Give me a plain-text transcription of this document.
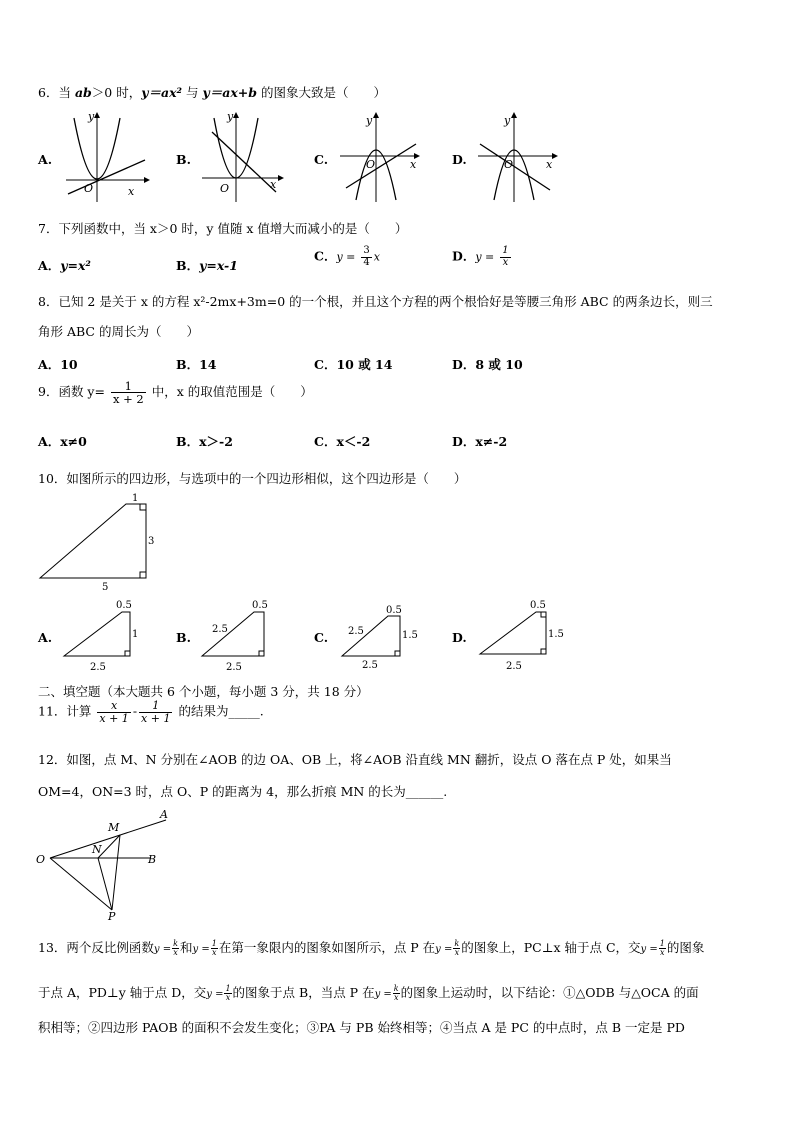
6．当 ab＞0 时，y＝ax² 与 y＝ax+b 的图象大致是（　　）
A.	B.	C.	D.
y
x
O
y
x
O
y
x
O
y
x
O
7．下列函数中，当 x＞0 时，y 值随 x 值增大而减小的是（　　）
A．y=x²	B．y=x-1
C．$y = \frac{3}{4}$ x	D．$y = \frac{1}{x}$
8．已知 2 是关于 x 的方程 x²-2mx+3m=0 的一个根，并且这个方程的两个根恰好是等腰三角形 ABC 的两条边长，则三
角形 ABC 的周长为（　　）
A．10	B．14	C．10 或 14	D．8 或 10
9．函数 $y= \frac{1}{x + 2}$ 中，x 的取值范围是（　　）
A．x≠0	B．x＞-2	C．x＜-2	D．x≠-2
10．如图所示的四边形，与选项中的一个四边形相似，这个四边形是（　　）
1
3
5
A.
0.5
1
2.5
B.
0.5
2.5
2.5
C.
0.5
1.5
2.5
2.5
D.
0.5
1.5
2.5
二、填空题（本大题共 6 个小题，每小题 3 分，共 18 分）
11．计算 $\frac{x}{x + 1} - \frac{1}{x + 1}$ 的结果为_____.
12．如图，点 M、N 分别在∠AOB 的边 OA、OB 上，将∠AOB 沿直线 MN 翻折，设点 O 落在点 P 处，如果当
OM=4，ON=3 时，点 O、P 的距离为 4，那么折痕 MN 的长为______.
A
B
O
M
N
P
13．两个反比例函数$y = \frac{k}{x}$ 和$y = \frac{1}{x}$ 在第一象限内的图象如图所示，点 P 在$y = \frac{k}{x}$ 的图象上，PC⊥x 轴于点 C，交$y = \frac{1}{x}$ 的图象
于点 A，PD⊥y 轴于点 D，交$y = \frac{1}{x}$ 的图象于点 B，当点 P 在$y = \frac{k}{x}$ 的图象上运动时，以下结论：①△ODB 与△OCA 的面
积相等；②四边形 PAOB 的面积不会发生变化；③PA 与 PB 始终相等；④当点 A 是 PC 的中点时，点 B 一定是 PD
